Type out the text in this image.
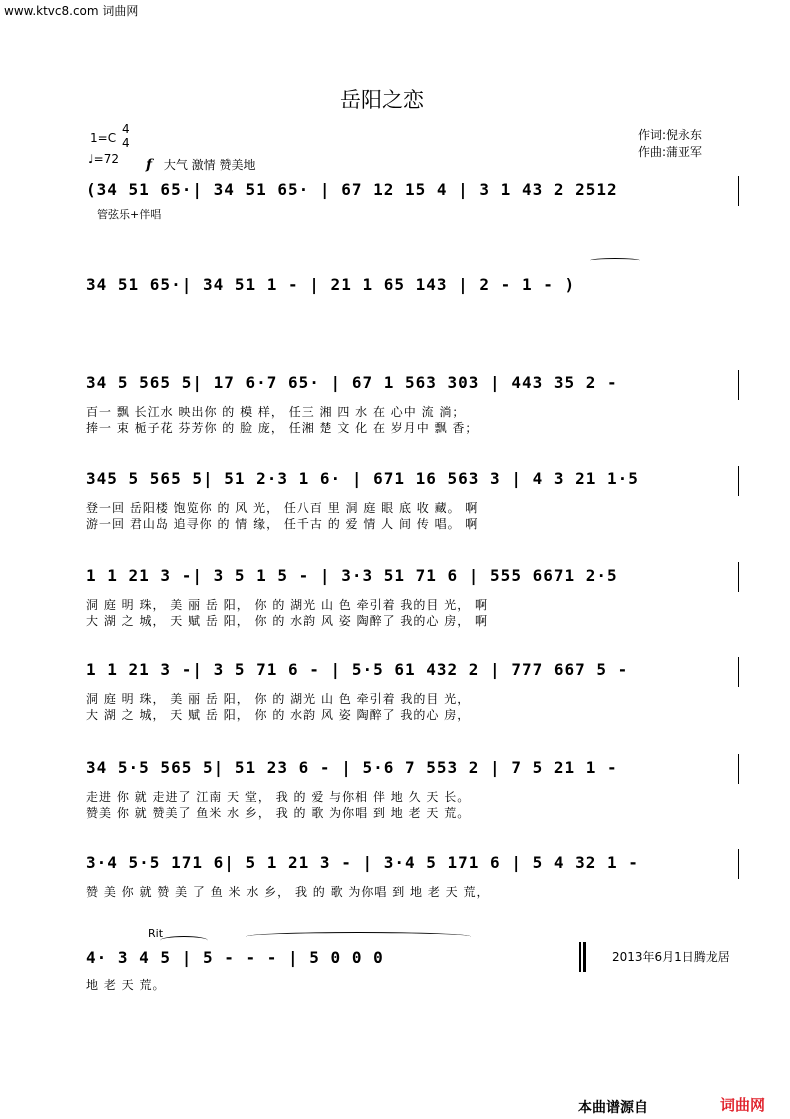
www.ktvc8.com 词曲网
岳阳之恋
1=C
4
4
♩=72 f 大气 激情 赞美地
作词:倪永东
作曲:蒲亚军
管弦乐+伴唱
(34 51 65·| 34 51 65· | 67 12 15 4 | 3 1 43 2 2512
34 51 65·| 34 51 1 - | 21 1 65 143 | 2 - 1 - )
34 5 565 5| 17 6·7 65· | 67 1 563 303 | 443 35 2 -
百一 飘 长江水 映出你 的 模 样， 任三 湘 四 水 在 心中 流 淌；
捧一 束 栀子花 芬芳你 的 脸 庞， 任湘 楚 文 化 在 岁月中 飘 香；
345 5 565 5| 51 2·3 1 6· | 671 16 563 3 | 4 3 21 1·5
登一回 岳阳楼 饱览你 的 风 光， 任八百 里 洞 庭 眼 底 收 藏。 啊
游一回 君山岛 追寻你 的 情 缘， 任千古 的 爱 情 人 间 传 唱。 啊
1 1 21 3 -| 3 5 1 5 - | 3·3 51 71 6 | 555 6671 2·5
洞 庭 明 珠， 美 丽 岳 阳， 你 的 湖光 山 色 牵引着 我的目 光， 啊
大 湖 之 城， 天 赋 岳 阳， 你 的 水韵 风 姿 陶醉了 我的心 房， 啊
1 1 21 3 -| 3 5 71 6 - | 5·5 61 432 2 | 777 667 5 -
洞 庭 明 珠， 美 丽 岳 阳， 你 的 湖光 山 色 牵引着 我的目 光，
大 湖 之 城， 天 赋 岳 阳， 你 的 水韵 风 姿 陶醉了 我的心 房，
34 5·5 565 5| 51 23 6 - | 5·6 7 553 2 | 7 5 21 1 -
走进 你 就 走进了 江南 天 堂， 我 的 爱 与你相 伴 地 久 天 长。
赞美 你 就 赞美了 鱼米 水 乡， 我 的 歌 为你唱 到 地 老 天 荒。
3·4 5·5 171 6| 5 1 21 3 - | 3·4 5 171 6 | 5 4 32 1 -
赞 美 你 就 赞 美 了 鱼 米 水 乡， 我 的 歌 为你唱 到 地 老 天 荒，
4· 3 4 5 | 5 - - - | 5 0 0 0
地 老 天 荒。
Rit
2013年6月1日腾龙居
本曲谱源自	词曲网
